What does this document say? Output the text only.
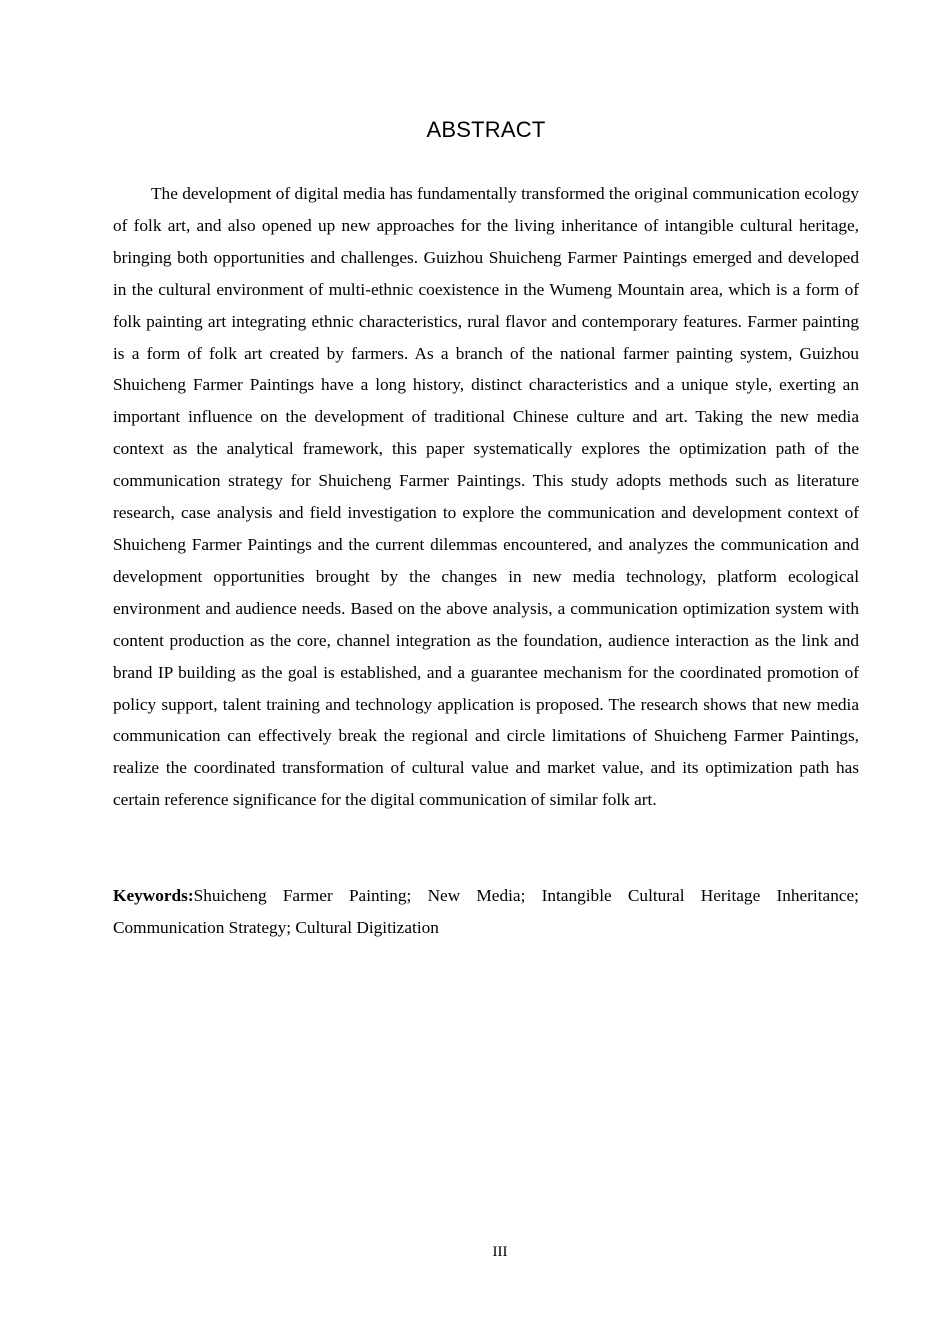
ABSTRACT

The development of digital media has fundamentally transformed the original communication ecology of folk art, and also opened up new approaches for the living inheritance of intangible cultural heritage, bringing both opportunities and challenges. Guizhou Shuicheng Farmer Paintings emerged and developed in the cultural environment of multi-ethnic coexistence in the Wumeng Mountain area, which is a form of folk painting art integrating ethnic characteristics, rural flavor and contemporary features. Farmer painting is a form of folk art created by farmers. As a branch of the national farmer painting system, Guizhou Shuicheng Farmer Paintings have a long history, distinct characteristics and a unique style, exerting an important influence on the development of traditional Chinese culture and art. Taking the new media context as the analytical framework, this paper systematically explores the optimization path of the communication strategy for Shuicheng Farmer Paintings. This study adopts methods such as literature research, case analysis and field investigation to explore the communication and development context of Shuicheng Farmer Paintings and the current dilemmas encountered, and analyzes the communication and development opportunities brought by the changes in new media technology, platform ecological environment and audience needs. Based on the above analysis, a communication optimization system with content production as the core, channel integration as the foundation, audience interaction as the link and brand IP building as the goal is established, and a guarantee mechanism for the coordinated promotion of policy support, talent training and technology application is proposed. The research shows that new media communication can effectively break the regional and circle limitations of Shuicheng Farmer Paintings, realize the coordinated transformation of cultural value and market value, and its optimization path has certain reference significance for the digital communication of similar folk art.

Keywords:Shuicheng Farmer Painting; New Media; Intangible Cultural Heritage Inheritance; Communication Strategy; Cultural Digitization

III
